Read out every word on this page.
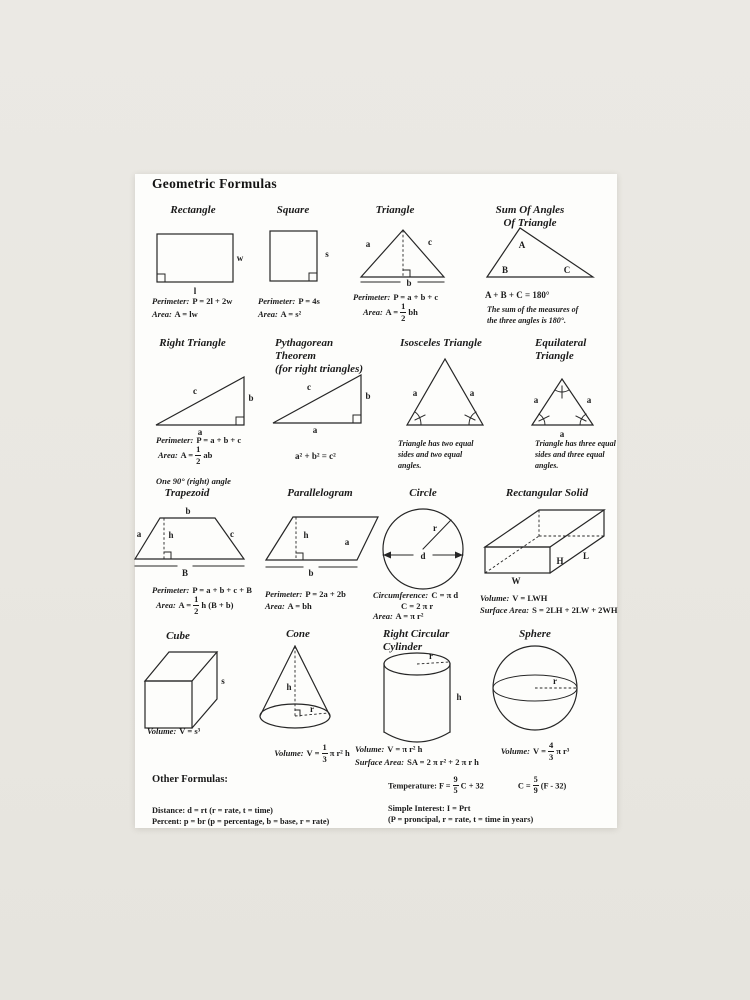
Geometric Formulas
Rectangle
w
l
Perimeter: P = 2l + 2w
Area: A = lw
Square
s
Perimeter: P = 4s
Area: A = s²
Triangle
a	c
b
Perimeter: P = a + b + c
Area: $A = \frac{1}{2}$ bh
Sum Of Angles
Of Triangle
A
B	C
A + B + C = 180°
The sum of the measures of
the three angles is 180°.
Right Triangle
c
b
a
Perimeter: P = a + b + c
Area: $A = \frac{1}{2}$ ab
One 90° (right) angle
Pythagorean
Theorem
(for right triangles)
c
b
a
a² + b² = c²
Isosceles Triangle
a	a
Triangle has two equal
sides and two equal
angles.
Equilateral
Triangle
a	a
a
Triangle has three equal
sides and three equal
angles.
Trapezoid
b
a	h	c
B
Perimeter: P = a + b + c + B
Area: $A = \frac{1}{2}$ h (B + b)
Parallelogram
h
a
b
Perimeter: P = 2a + 2b
Area: A = bh
Circle
r
d
Circumference: C = π d
C = 2 π r
Area: A = π r²
Rectangular Solid
H
W
L
Volume: V = LWH
Surface Area: S = 2LH + 2LW + 2WH
Cube
s
Volume: V = s³
Cone
h
r
Volume: $V = \frac{1}{3}$ π r² h
Right Circular
Cylinder
r
h
Volume: V = π r² h
Surface Area: SA = 2 π r² + 2 π r h
Sphere
r
Volume: $V = \frac{4}{3}$ π r³
Other Formulas:
Temperature: $F = \frac{9}{5}$ C + 32	$C = \frac{5}{9} (F - 32)$
Distance: d = rt (r = rate, t = time)
Percent: p = br (p = percentage, b = base, r = rate)
Simple Interest: I = Prt
(P = proncipal, r = rate, t = time in years)
